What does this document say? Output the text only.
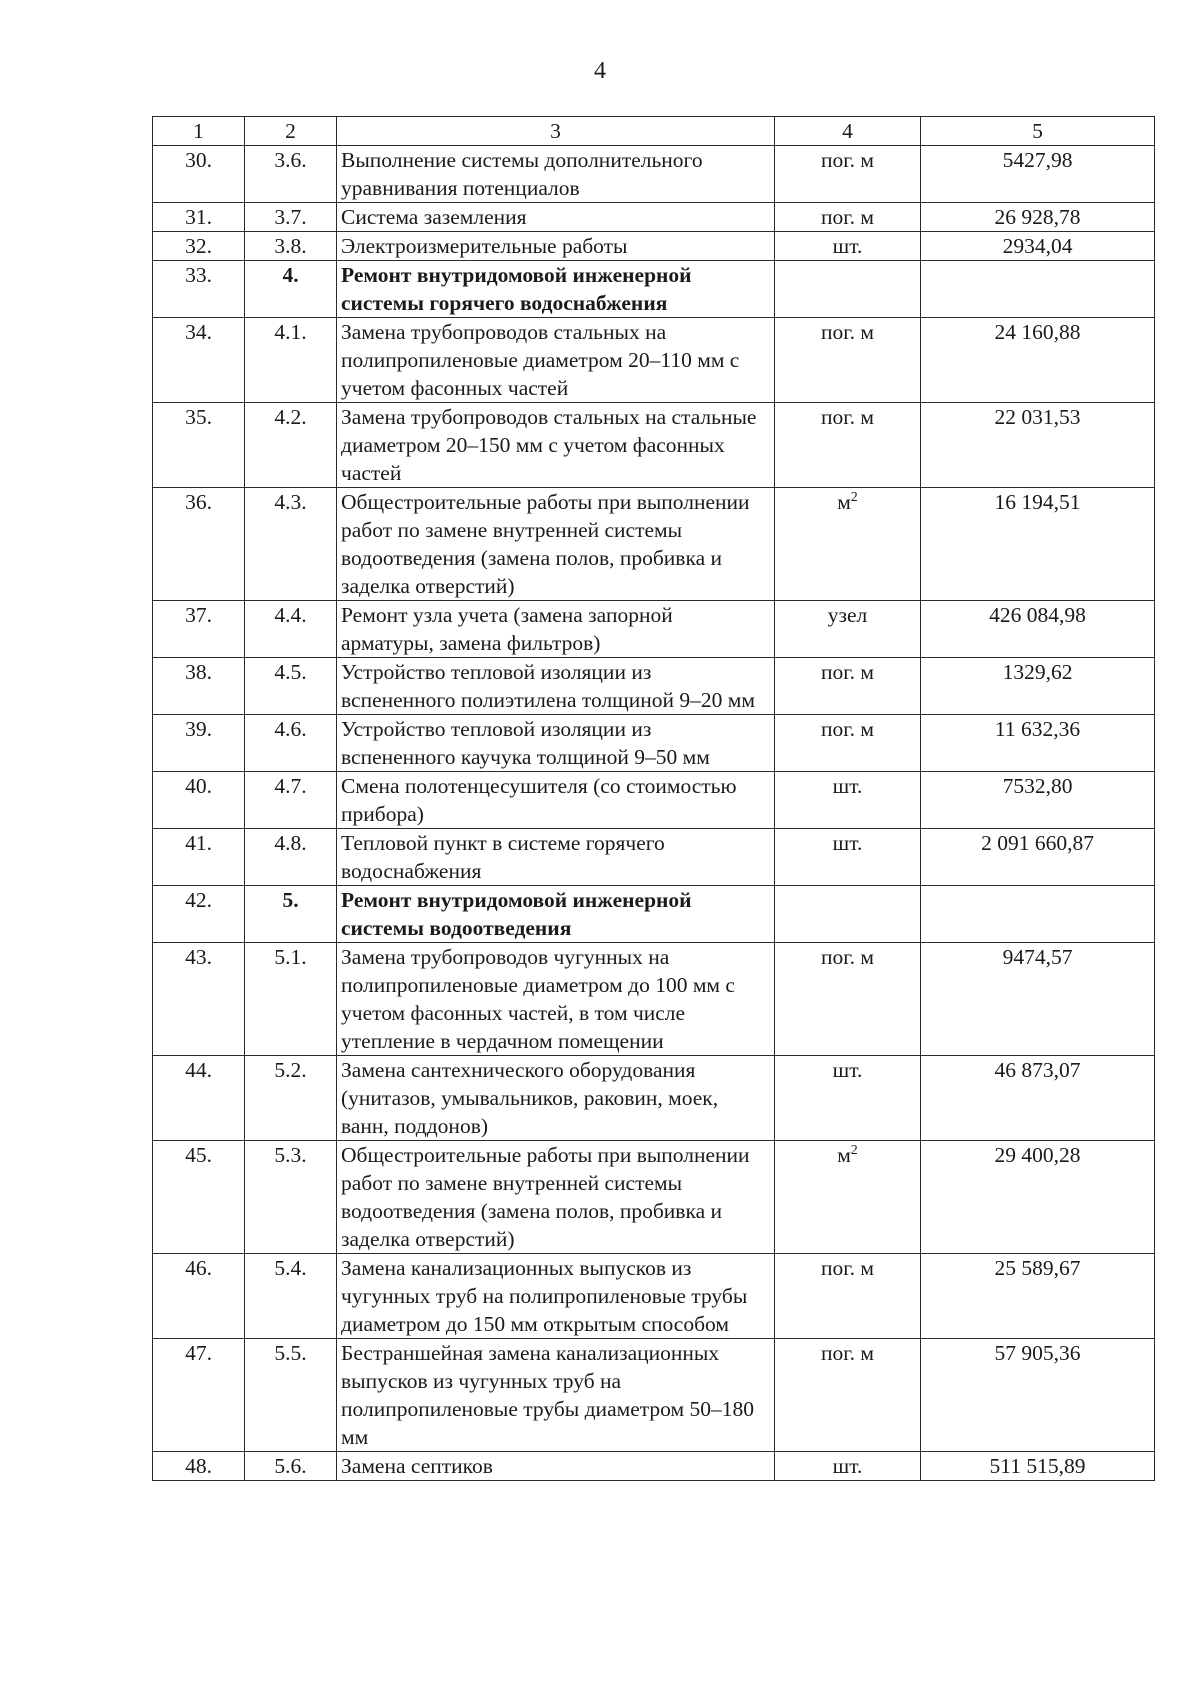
4
1	2	3	4	5
30.	3.6.	Выполнение системы дополнительного уравнивания потенциалов	пог. м	5427,98
31.	3.7.	Система заземления	пог. м	26 928,78
32.	3.8.	Электроизмерительные работы	шт.	2934,04
33.	4.	Ремонт внутридомовой инженерной системы горячего водоснабжения		
34.	4.1.	Замена трубопроводов стальных на полипропиленовые диаметром 20–110 мм с учетом фасонных частей	пог. м	24 160,88
35.	4.2.	Замена трубопроводов стальных на стальные диаметром 20–150 мм с учетом фасонных частей	пог. м	22 031,53
36.	4.3.	Общестроительные работы при выполнении работ по замене внутренней системы водоотведения (замена полов, пробивка и заделка отверстий)	$м^2$	16 194,51
37.	4.4.	Ремонт узла учета (замена запорной арматуры, замена фильтров)	узел	426 084,98
38.	4.5.	Устройство тепловой изоляции из вспененного полиэтилена толщиной 9–20 мм	пог. м	1329,62
39.	4.6.	Устройство тепловой изоляции из вспененного каучука толщиной 9–50 мм	пог. м	11 632,36
40.	4.7.	Смена полотенцесушителя (со стоимостью прибора)	шт.	7532,80
41.	4.8.	Тепловой пункт в системе горячего водоснабжения	шт.	2 091 660,87
42.	5.	Ремонт внутридомовой инженерной системы водоотведения		
43.	5.1.	Замена трубопроводов чугунных на полипропиленовые диаметром до 100 мм с учетом фасонных частей, в том числе утепление в чердачном помещении	пог. м	9474,57
44.	5.2.	Замена сантехнического оборудования (унитазов, умывальников, раковин, моек, ванн, поддонов)	шт.	46 873,07
45.	5.3.	Общестроительные работы при выполнении работ по замене внутренней системы водоотведения (замена полов, пробивка и заделка отверстий)	$м^2$	29 400,28
46.	5.4.	Замена канализационных выпусков из чугунных труб на полипропиленовые трубы диаметром до 150 мм открытым способом	пог. м	25 589,67
47.	5.5.	Бестраншейная замена канализационных выпусков из чугунных труб на полипропиленовые трубы диаметром 50–180 мм	пог. м	57 905,36
48.	5.6.	Замена септиков	шт.	511 515,89
